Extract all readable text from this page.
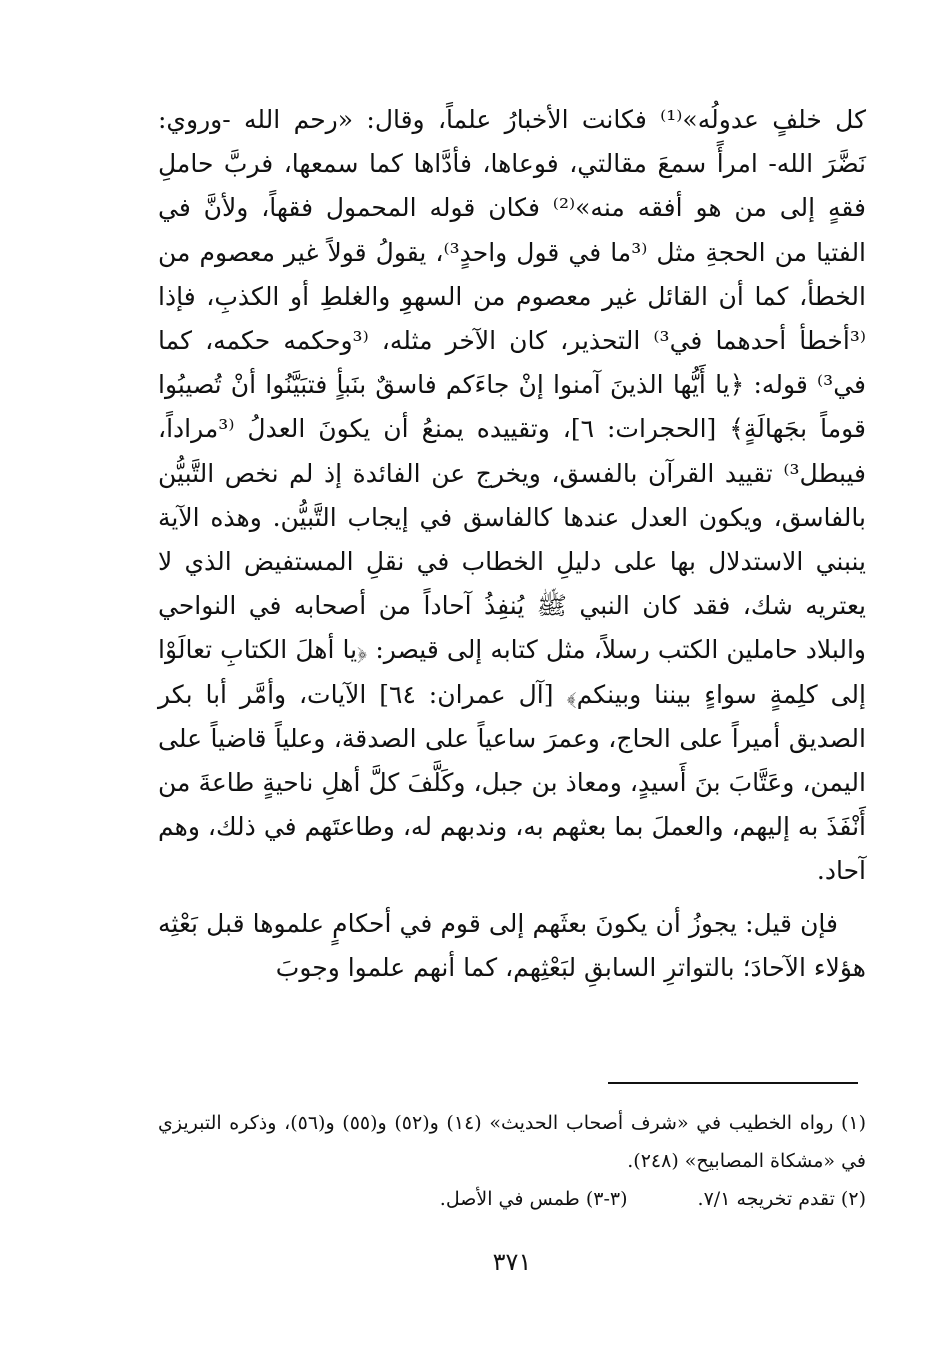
كل خلفٍ عدولُه»⁽¹⁾ فكانت الأخبارُ علماً، وقال: «رحم الله -وروي: نَضَّرَ الله- امرأً سمعَ مقالتي، فوعاها، فأدَّاها كما سمعها، فربَّ حاملِ فقهٍ إلى من هو أفقه منه»⁽²⁾ فكان قوله المحمول فقهاً، ولأنَّ في الفتيا من الحجةِ مثل ⁽³ما في قول واحدٍ³⁾، يقولُ قولاً غير معصوم من الخطأ، كما أن القائل غير معصوم من السهوِ والغلطِ أو الكذبِ، فإذا ⁽³أخطأ أحدهما في³⁾ التحذير، كان الآخر مثله، ⁽³وحكمه حكمه، كما في³⁾ قوله: ﴿يا أَيُّها الذينَ آمنوا إنْ جاءَكم فاسقٌ بنَبأٍ فتبَيَّنُوا أنْ تُصيبُوا قوماً بجَهالَةٍ﴾ [الحجرات: ٦]، وتقييده يمنعُ أن يكونَ العدلُ ⁽³مراداً، فيبطل³⁾ تقييد القرآن بالفسق، ويخرج عن الفائدة إذ لم نخص التَّبيُّن بالفاسق، ويكون العدل عندها كالفاسق في إيجاب التَّبيُّن. وهذه الآية ينبني الاستدلال بها على دليلِ الخطاب في نقلِ المستفيض الذي لا يعتريه شك، فقد كان النبي ﷺ يُنفِذُ آحاداً من أصحابه في النواحي والبلاد حاملين الكتب رسلاً، مثل كتابه إلى قيصر: ﴿يا أهلَ الكتابِ تعالَوْا إلى كلِمةٍ سواءٍ بيننا وبينكم﴾ [آل عمران: ٦٤] الآيات، وأمَّر أبا بكر الصديق أميراً على الحاج، وعمرَ ساعياً على الصدقة، وعلياً قاضياً على اليمن، وعَتَّابَ بنَ أَسيدٍ، ومعاذ بن جبل، وكَلَّفَ كلَّ أهلِ ناحيةٍ طاعةَ من أَنْفَذَ به إليهم، والعملَ بما بعثهم به، وندبهم له، وطاعتَهم في ذلك، وهم آحاد.

فإن قيل: يجوزُ أن يكونَ بعثَهم إلى قوم في أحكامٍ علموها قبل بَعْثِه هؤلاء الآحادَ؛ بالتواترِ السابقِ لبَعْثِهم، كما أنهم علموا وجوبَ

(١) رواه الخطيب في «شرف أصحاب الحديث» (١٤) و(٥٢) و(٥٥) و(٥٦)، وذكره التبريزي في «مشكاة المصابيح» (٢٤٨).

(٢) تقدم تخريجه ٧/١.
(٣-٣) طمس في الأصل.
٣٧١
